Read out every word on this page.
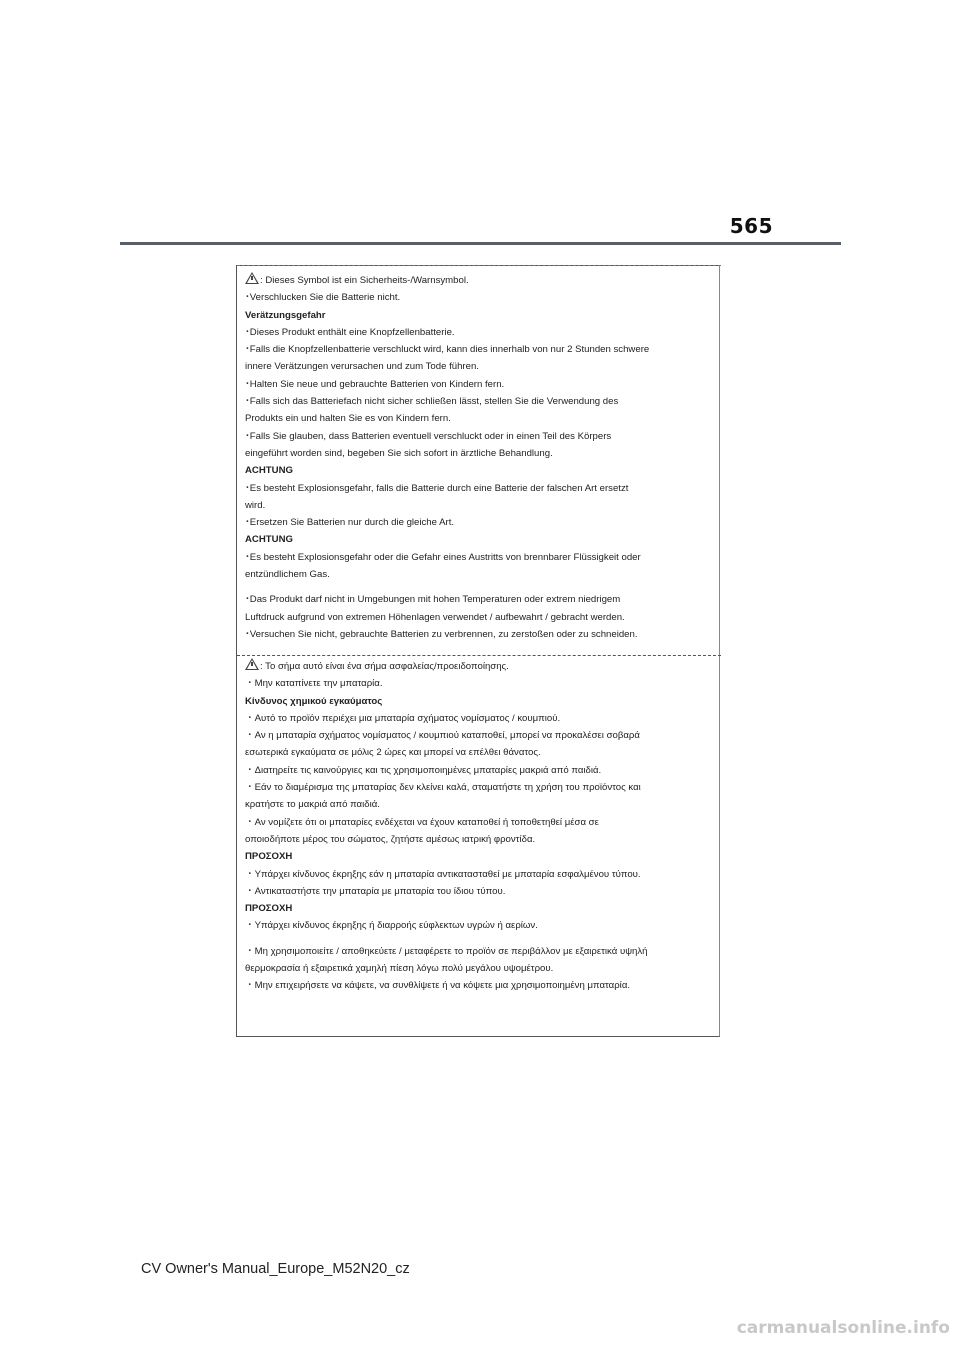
565
: Dieses Symbol ist ein Sicherheits-/Warnsymbol.
･Verschlucken Sie die Batterie nicht.
Verätzungsgefahr
･Dieses Produkt enthält eine Knopfzellenbatterie.
･Falls die Knopfzellenbatterie verschluckt wird, kann dies innerhalb von nur 2 Stunden schwere
innere Verätzungen verursachen und zum Tode führen.
･Halten Sie neue und gebrauchte Batterien von Kindern fern.
･Falls sich das Batteriefach nicht sicher schließen lässt, stellen Sie die Verwendung des
Produkts ein und halten Sie es von Kindern fern.
･Falls Sie glauben, dass Batterien eventuell verschluckt oder in einen Teil des Körpers
eingeführt worden sind, begeben Sie sich sofort in ärztliche Behandlung.
ACHTUNG
･Es besteht Explosionsgefahr, falls die Batterie durch eine Batterie der falschen Art ersetzt
wird.
･Ersetzen Sie Batterien nur durch die gleiche Art.
ACHTUNG
･Es besteht Explosionsgefahr oder die Gefahr eines Austritts von brennbarer Flüssigkeit oder
entzündlichem Gas.
･Das Produkt darf nicht in Umgebungen mit hohen Temperaturen oder extrem niedrigem
Luftdruck aufgrund von extremen Höhenlagen verwendet / aufbewahrt / gebracht werden.
･Versuchen Sie nicht, gebrauchte Batterien zu verbrennen, zu zerstoßen oder zu schneiden.
: Το σήμα αυτό είναι ένα σήμα ασφαλείας/προειδοποίησης.
・Μην καταπίνετε την μπαταρία.
Κίνδυνος χημικού εγκαύματος
・Αυτό το προϊόν περιέχει μια μπαταρία σχήματος νομίσματος / κουμπιού.
・Αν η μπαταρία σχήματος νομίσματος / κουμπιού καταποθεί, μπορεί να προκαλέσει σοβαρά
εσωτερικά εγκαύματα σε μόλις 2 ώρες και μπορεί να επέλθει θάνατος.
・Διατηρείτε τις καινούργιες και τις χρησιμοποιημένες μπαταρίες μακριά από παιδιά.
・Εάν το διαμέρισμα της μπαταρίας δεν κλείνει καλά, σταματήστε τη χρήση του προϊόντος και
κρατήστε το μακριά από παιδιά.
・Αν νομίζετε ότι οι μπαταρίες ενδέχεται να έχουν καταποθεί ή τοποθετηθεί μέσα σε
οποιοδήποτε μέρος του σώματος, ζητήστε αμέσως ιατρική φροντίδα.
ΠΡΟΣΟΧΗ
・Υπάρχει κίνδυνος έκρηξης εάν η μπαταρία αντικατασταθεί με μπαταρία εσφαλμένου τύπου.
・Αντικαταστήστε την μπαταρία με μπαταρία του ίδιου τύπου.
ΠΡΟΣΟΧΗ
・Υπάρχει κίνδυνος έκρηξης ή διαρροής εύφλεκτων υγρών ή αερίων.
・Μη χρησιμοποιείτε / αποθηκεύετε / μεταφέρετε το προϊόν σε περιβάλλον με εξαιρετικά υψηλή
θερμοκρασία ή εξαιρετικά χαμηλή πίεση λόγω πολύ μεγάλου υψομέτρου.
・Μην επιχειρήσετε να κάψετε, να συνθλίψετε ή να κόψετε μια χρησιμοποιημένη μπαταρία.
CV Owner's Manual_Europe_M52N20_cz
carmanualsonline.info
